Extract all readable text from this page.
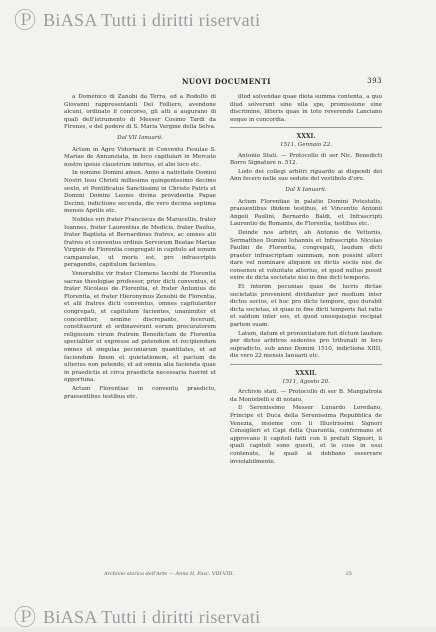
Ⓟ BiASA Tutti i diritti riservati
NUOVI DOCUMENTI	393

a Domenico di Zanobi da Terra, ed a Rodolfo di Giovanni rappresentanti Del Folliero, avendone alcuni, ordinato il concorso, gli atti a augurano di quali dell'istrumento di Messer Cosimo Tardi da Firenze, e del podere di S. Maria Vergine della Selva.

Dal VII Ianuarii.

Actum in Agro Vidornarii in Conventu Fesulae S. Mariae de Annunziata, in loco capitulari in Mercato nostro ipsius claustrum inferius, et alio loco etc.

In nomine Domini amen. Anno a nativitate Domini Nostri Iesu Christi millesimo quingentesimo decimo sexto, et Pontificatus Sanctissimi in Christo Patris et Domini Domini Leonis divina providentia Papae Decimi, indictione secunda, die vero decima septima mensis Aprilis etc.

Nobiles viri frater Franciscus de Marucellis, frater Ioannes, frater Laurentius de Medicis, frater Paulus, frater Baptista et Bernardinus fratres, ac omnes alii fratres et conventus ordinis Servorum Beatae Mariae Virginis de Florentia congregati in capitulo ad sonum campanulae, ut moris est, pro infrascriptis peragendis, capitulum facientes.

Venerabilis vir frater Clemens Iacobi de Florentia sacrae theologiae professor, prior dicti conventus, et frater Nicolaus de Florentia, et frater Antonius de Florentia, et frater Hieronymus Zenobii de Florentia, et alii fratres dicti conventus, omnes capitulariter congregati, et capitulum facientes, unanimiter et concorditer, nemine discrepante, fecerunt, constituerunt et ordinaverunt eorum procuratorem religiosum virum fratrem Benedictum de Florentia specialiter et expresse ad petendum et recipiendum omnes et singulas pecuniarum quantitates, et ad faciendum finem et quietationem, et pactum de ulterius non petendo, et ad omnia alia facienda quae in praedictis et circa praedicta necessaria fuerint et opportuna.

Actum Florentiae in conventu praedicto, praesentibus testibus etc.

illud solvendae quae dieta summa contenta, a quo illud solverunt sine ulla spe, promissione sine discrimine, litteris quae in toto reverendo Lanciano eoque in concordia.

XXXI.

1511, Gennaio 22.

Antonio Stati. — Protocollo di ser Nic. Benedicti Borro Signature n. 512.

Lodo dei collegi arbitri riguardo ai dispendi dei Ann fecero nelle sue sedute del vestibolo d'oro.

Dal X Ianuarii.

Actum Florentiae in palatio Domini Potestatis, praesentibus ibidem testibus, et Vincentio Antonii Angeli Paulini, Bernardo Baldi, et Infrascripti Laurentio de Romanis, de Florentia, testibus etc.

Deinde nos arbitri, ab Antonio de Vettoriis, Sermattheo Domini Iohannis et Infrascripto Nicolao Paulini de Florentia, congregati, laudum dicti praeter infrascriptam summam, non possint alteri dare vel nominare aliquem ex dictis sociis nisi de consensu et voluntate alterius, et quod nullus possit exire de dicta societate nisi in fine dicti temporis.

Et interim pecuniae quae de lucris dictae societatis provenient dividantur per medium inter dictos socios, et hoc pro dicto tempore, quo durabit dicta societas, et quae in fine dicti temporis fiat ratio et saldum inter eos, et quod unusquisque recipiat partem suam.

Latum, datum et pronuntiatum fuit dictum laudum per dictos arbitros sedentes pro tribunali in loco supradicto, sub anno Domini 1510, indictione XIIII, die vero 22 mensis Ianuarii etc.

XXXII.

1511, Agosto 20.

Archivio stati. — Protocollo di ser B. Mangiatroia da Montebelli e di notaio.

Il Serenissimo Messer Lunardo Loredano, Principe et Duca della Serenissima Repubblica de Venezia, insieme con li Illustrissimi Signori Consiglieri et Capi della Quarantia, confermano et approvano li capitoli fatti con li prefati Signori, li quali capitoli sono questi, et le cose in essi contenute, le quali si debbano osservare inviolabilmente.

Archivio storico dell'Arte — Anno II, Fasc. VIII-VIII.	25
Ⓟ BiASA Tutti i diritti riservati
